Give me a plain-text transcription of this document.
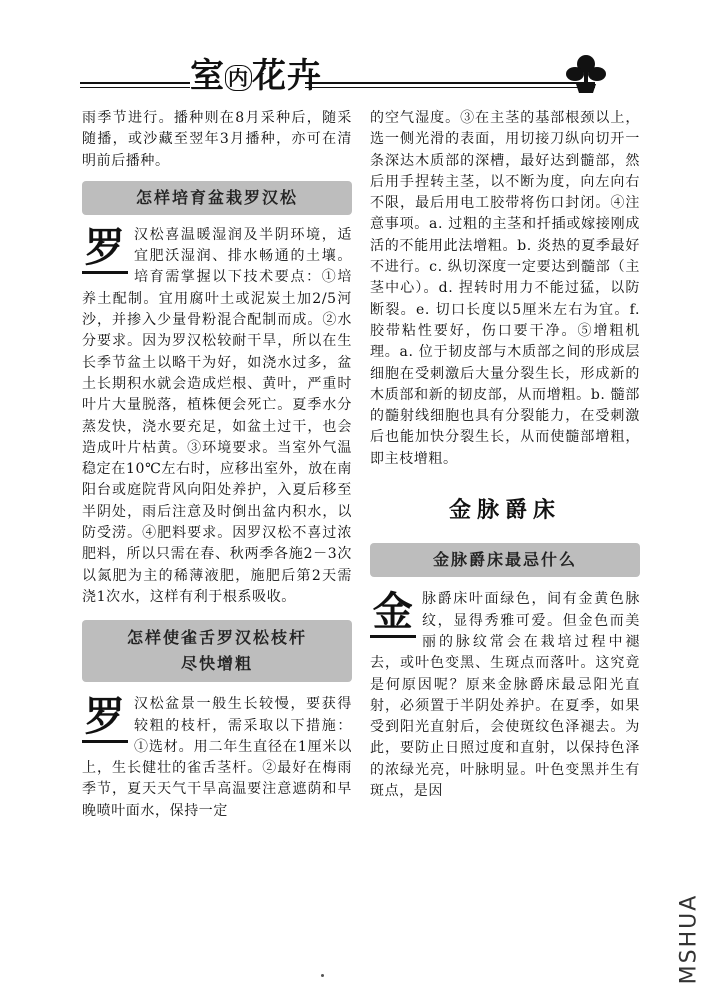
室内花卉

雨季节进行。播种则在8月采种后，随采随播，或沙藏至翌年3月播种，亦可在清明前后播种。

怎样培育盆栽罗汉松
罗 汉松喜温暖湿润及半阴环境，适宜肥沃湿润、排水畅通的土壤。培育需掌握以下技术要点：①培养土配制。宜用腐叶土或泥炭土加2/5河沙，并掺入少量骨粉混合配制而成。②水分要求。因为罗汉松较耐干旱，所以在生长季节盆土以略干为好，如浇水过多，盆土长期积水就会造成烂根、黄叶，严重时叶片大量脱落，植株便会死亡。夏季水分蒸发快，浇水要充足，如盆土过干，也会造成叶片枯黄。③环境要求。当室外气温稳定在10℃左右时，应移出室外，放在南阳台或庭院背风向阳处养护，入夏后移至半阴处，雨后注意及时倒出盆内积水，以防受涝。④肥料要求。因罗汉松不喜过浓肥料，所以只需在春、秋两季各施2－3次以氮肥为主的稀薄液肥，施肥后第2天需浇1次水，这样有利于根系吸收。
怎样使雀舌罗汉松枝杆
尽快增粗
罗 汉松盆景一般生长较慢，要获得较粗的枝杆，需采取以下措施：①选材。用二年生直径在1厘米以上，生长健壮的雀舌茎杆。②最好在梅雨季节，夏天天气干旱高温要注意遮荫和早晚喷叶面水，保持一定

的空气湿度。③在主茎的基部根颈以上，选一侧光滑的表面，用切接刀纵向切开一条深达木质部的深槽，最好达到髓部，然后用手捏转主茎，以不断为度，向左向右不限，最后用电工胶带将伤口封闭。④注意事项。a. 过粗的主茎和扦插或嫁接刚成活的不能用此法增粗。b. 炎热的夏季最好不进行。c. 纵切深度一定要达到髓部（主茎中心）。d. 捏转时用力不能过猛，以防断裂。e. 切口长度以5厘米左右为宜。f. 胶带粘性要好，伤口要干净。⑤增粗机理。a. 位于韧皮部与木质部之间的形成层细胞在受刺激后大量分裂生长，形成新的木质部和新的韧皮部，从而增粗。b. 髓部的髓射线细胞也具有分裂能力，在受刺激后也能加快分裂生长，从而使髓部增粗，即主枝增粗。

金脉爵床
金脉爵床最忌什么
金 脉爵床叶面绿色，间有金黄色脉纹，显得秀雅可爱。但金色而美丽的脉纹常会在栽培过程中褪去，或叶色变黑、生斑点而落叶。这究竟是何原因呢？原来金脉爵床最忌阳光直射，必须置于半阴处养护。在夏季，如果受到阳光直射后，会使斑纹色泽褪去。为此，要防止日照过度和直射，以保持色泽的浓绿光亮，叶脉明显。叶色变黑并生有斑点，是因
MSHUA
